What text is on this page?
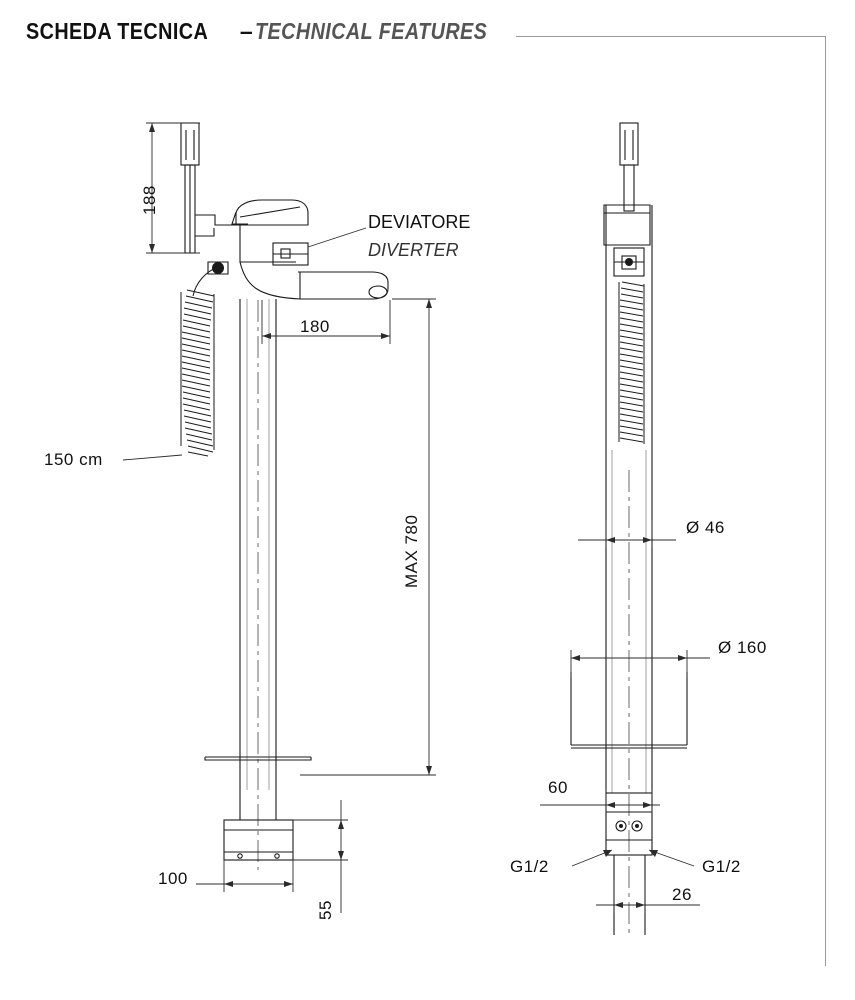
SCHEDA TECNICA –TECHNICAL FEATURES
188
150 cm
180
MAX 780
100
55
DEVIATORE
DIVERTER
Ø 46
Ø 160
60
26
G1/2	G1/2
